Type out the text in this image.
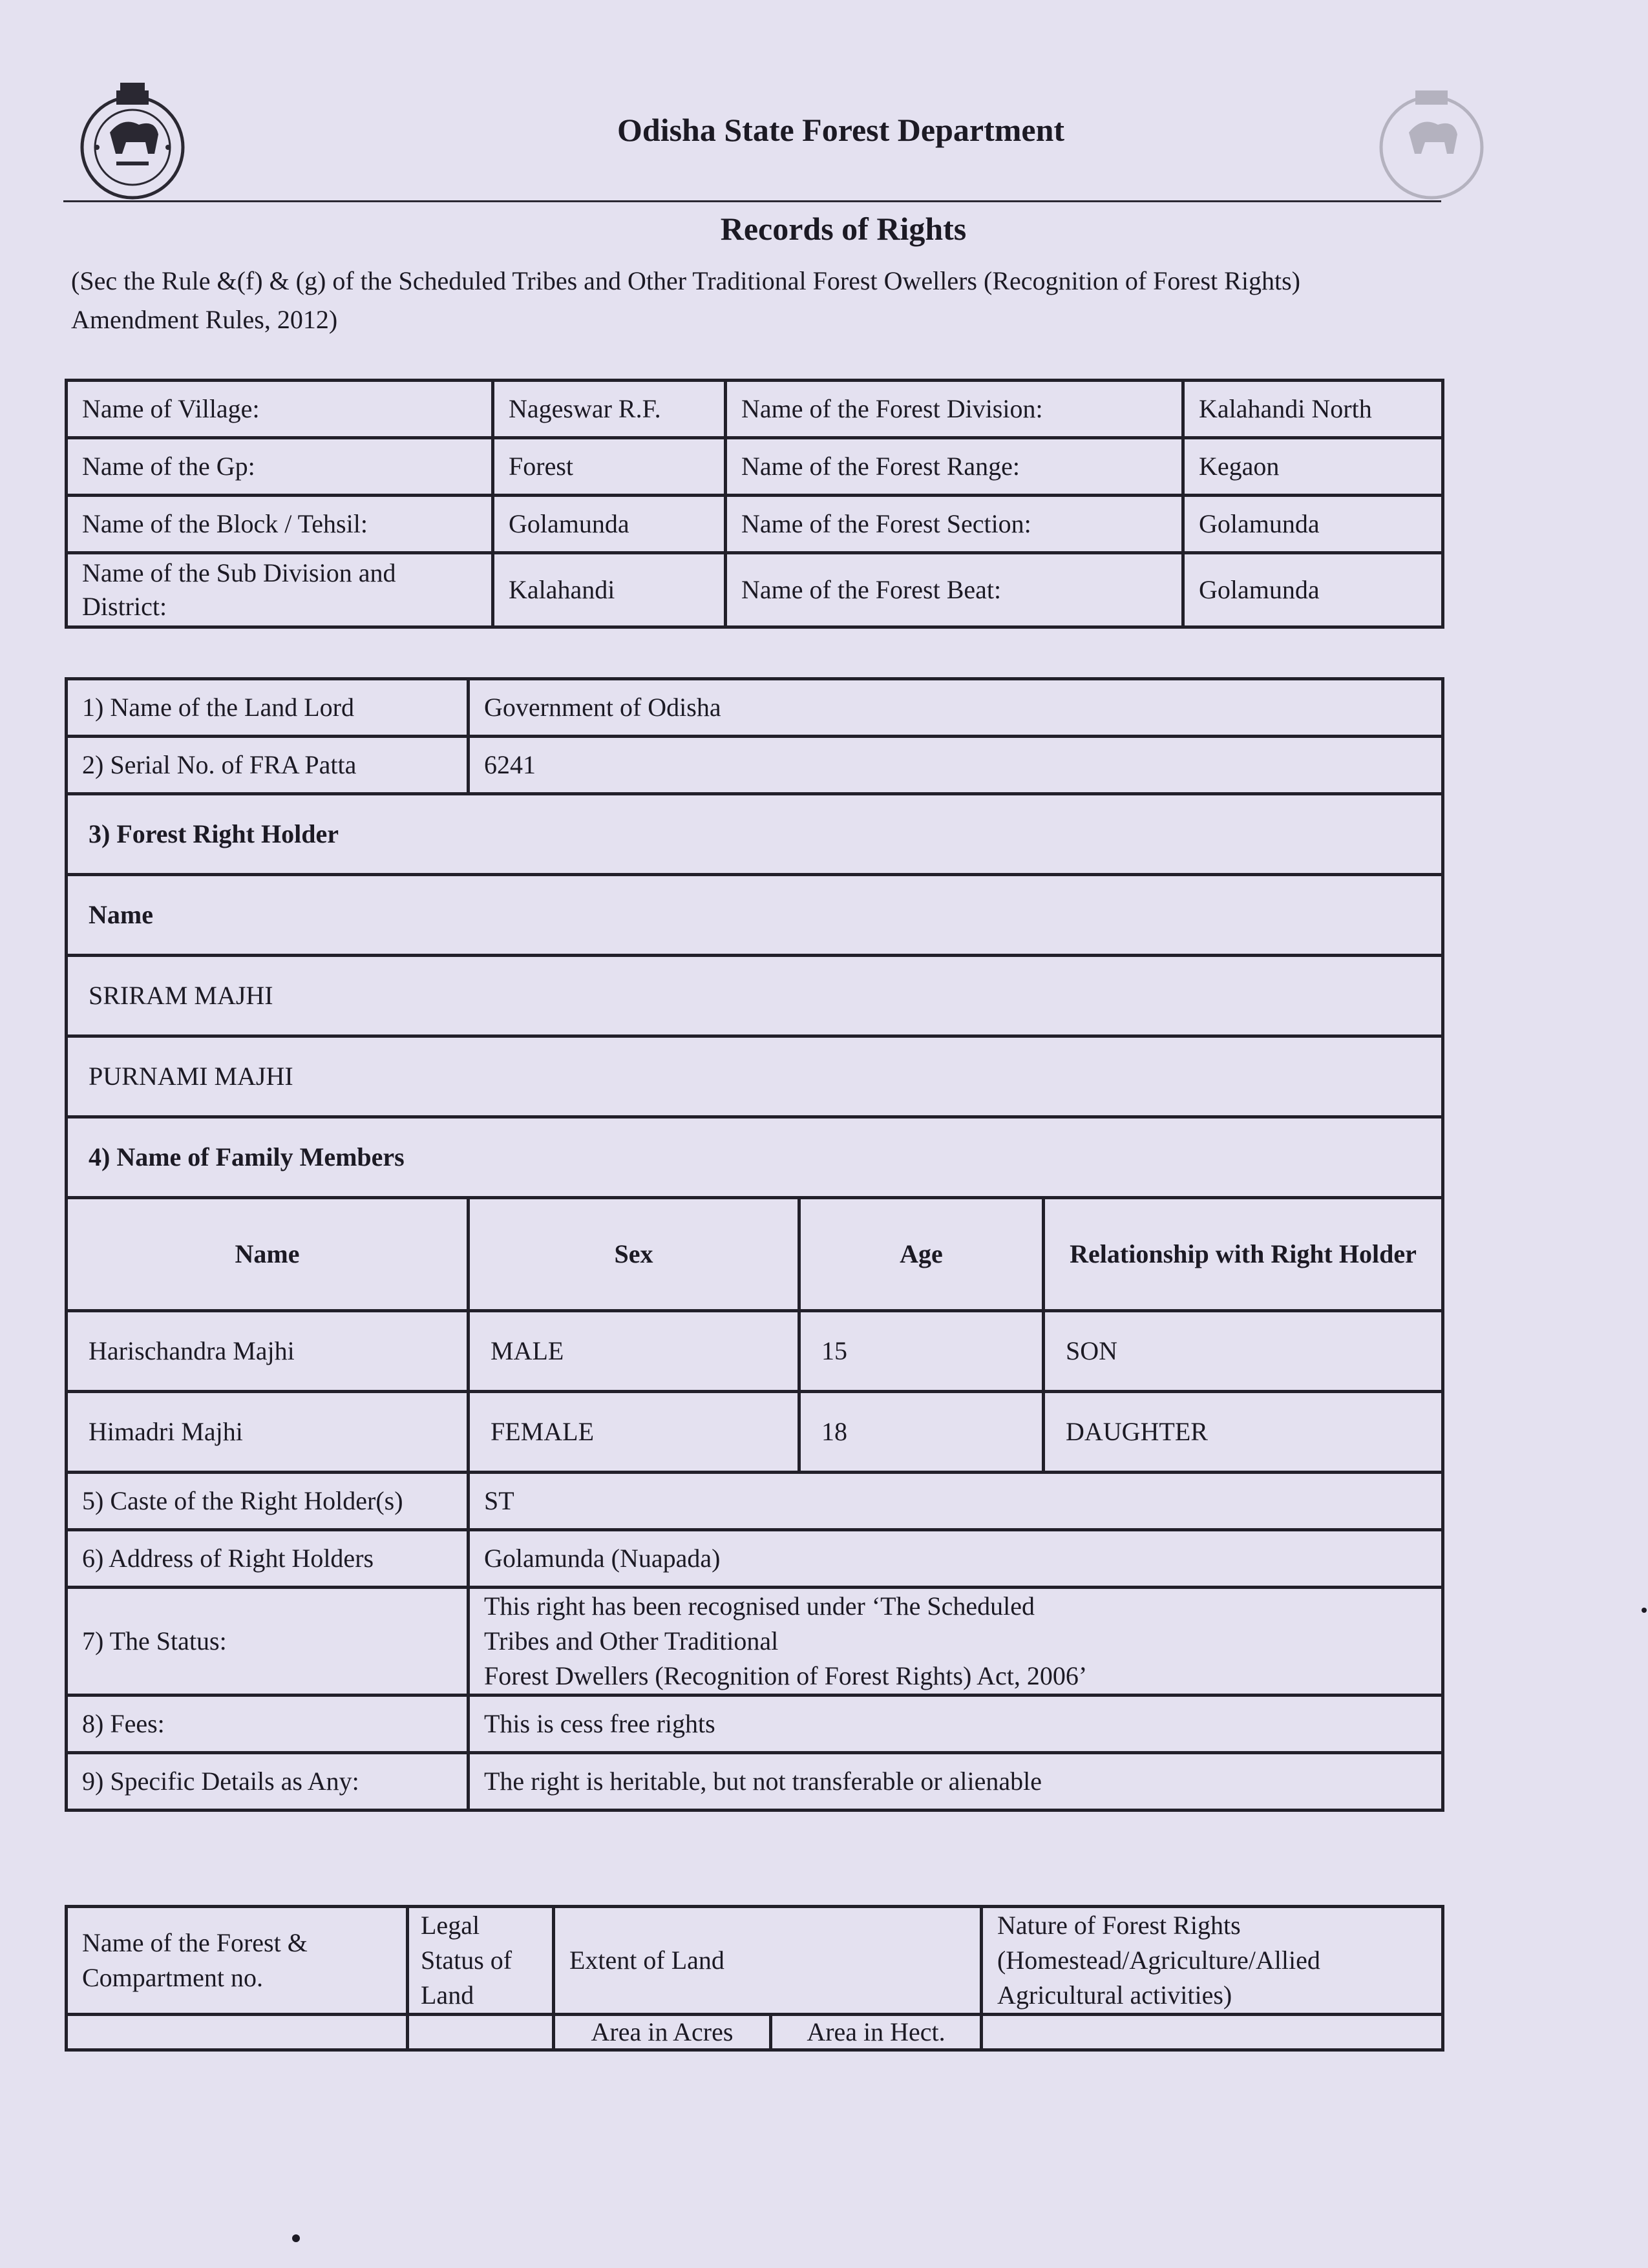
Odisha State Forest Department
Records of Rights
(Sec the Rule &(f) & (g) of the Scheduled Tribes and Other Traditional Forest Owellers (Recognition of Forest Rights) Amendment Rules, 2012)
Name of Village:	Nageswar R.F.	Name of the Forest Division:	Kalahandi North
Name of the Gp:	Forest	Name of the Forest Range:	Kegaon
Name of the Block / Tehsil:	Golamunda	Name of the Forest Section:	Golamunda
Name of the Sub Division and District:	Kalahandi	Name of the Forest Beat:	Golamunda
1) Name of the Land Lord	Government of Odisha		
2) Serial No. of FRA Patta	6241		
3) Forest Right Holder			
Name			
SRIRAM MAJHI			
PURNAMI MAJHI			
4) Name of Family Members			
Name	Sex	Age	Relationship with Right Holder
Harischandra Majhi	MALE	15	SON
Himadri Majhi	FEMALE	18	DAUGHTER
5) Caste of the Right Holder(s)	ST		
6) Address of Right Holders	Golamunda (Nuapada)		
7) The Status:	This right has been recognised under ‘The Scheduled Tribes and Other Traditional
Forest Dwellers (Recognition of Forest Rights) Act, 2006’		

8) Fees:	This is cess free rights		
9) Specific Details as Any:	The right is heritable, but not transferable or alienable		
Name of the Forest & Compartment no.	Legal Status of Land	Extent of Land		Nature of Forest Rights (Homestead/Agriculture/Allied Agricultural activities)
		Area in Acres	Area in Hect.	
